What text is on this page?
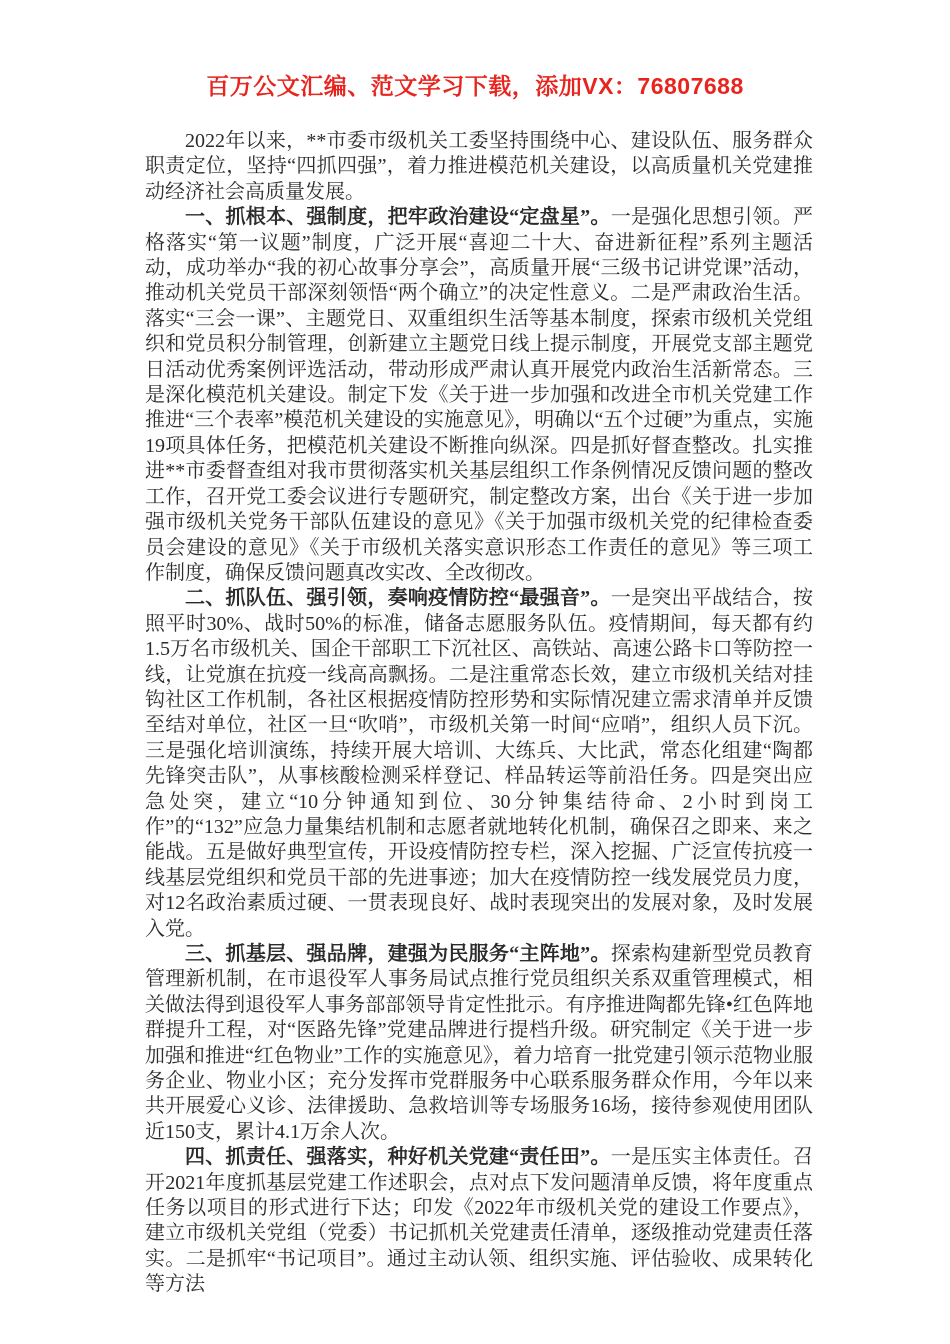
百万公文汇编、范文学习下载，添加VX：76807688

2022年以来，**市委市级机关工委坚持围绕中心、建设队伍、服务群众职责定位，坚持“四抓四强”，着力推进模范机关建设，以高质量机关党建推动经济社会高质量发展。

一、抓根本、强制度，把牢政治建设“定盘星”。一是强化思想引领。严格落实“第一议题”制度，广泛开展“喜迎二十大、奋进新征程”系列主题活动，成功举办“我的初心故事分享会”，高质量开展“三级书记讲党课”活动，推动机关党员干部深刻领悟“两个确立”的决定性意义。二是严肃政治生活。落实“三会一课”、主题党日、双重组织生活等基本制度，探索市级机关党组织和党员积分制管理，创新建立主题党日线上提示制度，开展党支部主题党日活动优秀案例评选活动，带动形成严肃认真开展党内政治生活新常态。三是深化模范机关建设。制定下发《关于进一步加强和改进全市机关党建工作 推进“三个表率”模范机关建设的实施意见》，明确以“五个过硬”为重点，实施19项具体任务，把模范机关建设不断推向纵深。四是抓好督查整改。扎实推进**市委督查组对我市贯彻落实机关基层组织工作条例情况反馈问题的整改工作，召开党工委会议进行专题研究，制定整改方案，出台《关于进一步加强市级机关党务干部队伍建设的意见》《关于加强市级机关党的纪律检查委员会建设的意见》《关于市级机关落实意识形态工作责任的意见》等三项工作制度，确保反馈问题真改实改、全改彻改。

二、抓队伍、强引领，奏响疫情防控“最强音”。一是突出平战结合，按照平时30%、战时50%的标准，储备志愿服务队伍。疫情期间，每天都有约1.5万名市级机关、国企干部职工下沉社区、高铁站、高速公路卡口等防控一线，让党旗在抗疫一线高高飘扬。二是注重常态长效，建立市级机关结对挂钩社区工作机制，各社区根据疫情防控形势和实际情况建立需求清单并反馈至结对单位，社区一旦“吹哨”，市级机关第一时间“应哨”，组织人员下沉。三是强化培训演练，持续开展大培训、大练兵、大比武，常态化组建“陶都先锋突击队”，从事核酸检测采样登记、样品转运等前沿任务。四是突出应急处突，建立“10分钟通知到位、30分钟集结待命、2小时到岗工作”的“132”应急力量集结机制和志愿者就地转化机制，确保召之即来、来之能战。五是做好典型宣传，开设疫情防控专栏，深入挖掘、广泛宣传抗疫一线基层党组织和党员干部的先进事迹；加大在疫情防控一线发展党员力度，对12名政治素质过硬、一贯表现良好、战时表现突出的发展对象，及时发展入党。

三、抓基层、强品牌，建强为民服务“主阵地”。探索构建新型党员教育管理新机制，在市退役军人事务局试点推行党员组织关系双重管理模式，相关做法得到退役军人事务部部领导肯定性批示。有序推进陶都先锋•红色阵地群提升工程，对“医路先锋”党建品牌进行提档升级。研究制定《关于进一步加强和推进“红色物业”工作的实施意见》，着力培育一批党建引领示范物业服务企业、物业小区；充分发挥市党群服务中心联系服务群众作用，今年以来共开展爱心义诊、法律援助、急救培训等专场服务16场，接待参观使用团队近150支，累计4.1万余人次。

四、抓责任、强落实，种好机关党建“责任田”。一是压实主体责任。召开2021年度抓基层党建工作述职会，点对点下发问题清单反馈，将年度重点任务以项目的形式进行下达；印发《2022年市级机关党的建设工作要点》，建立市级机关党组（党委）书记抓机关党建责任清单，逐级推动党建责任落实。二是抓牢“书记项目”。通过主动认领、组织实施、评估验收、成果转化等方法
